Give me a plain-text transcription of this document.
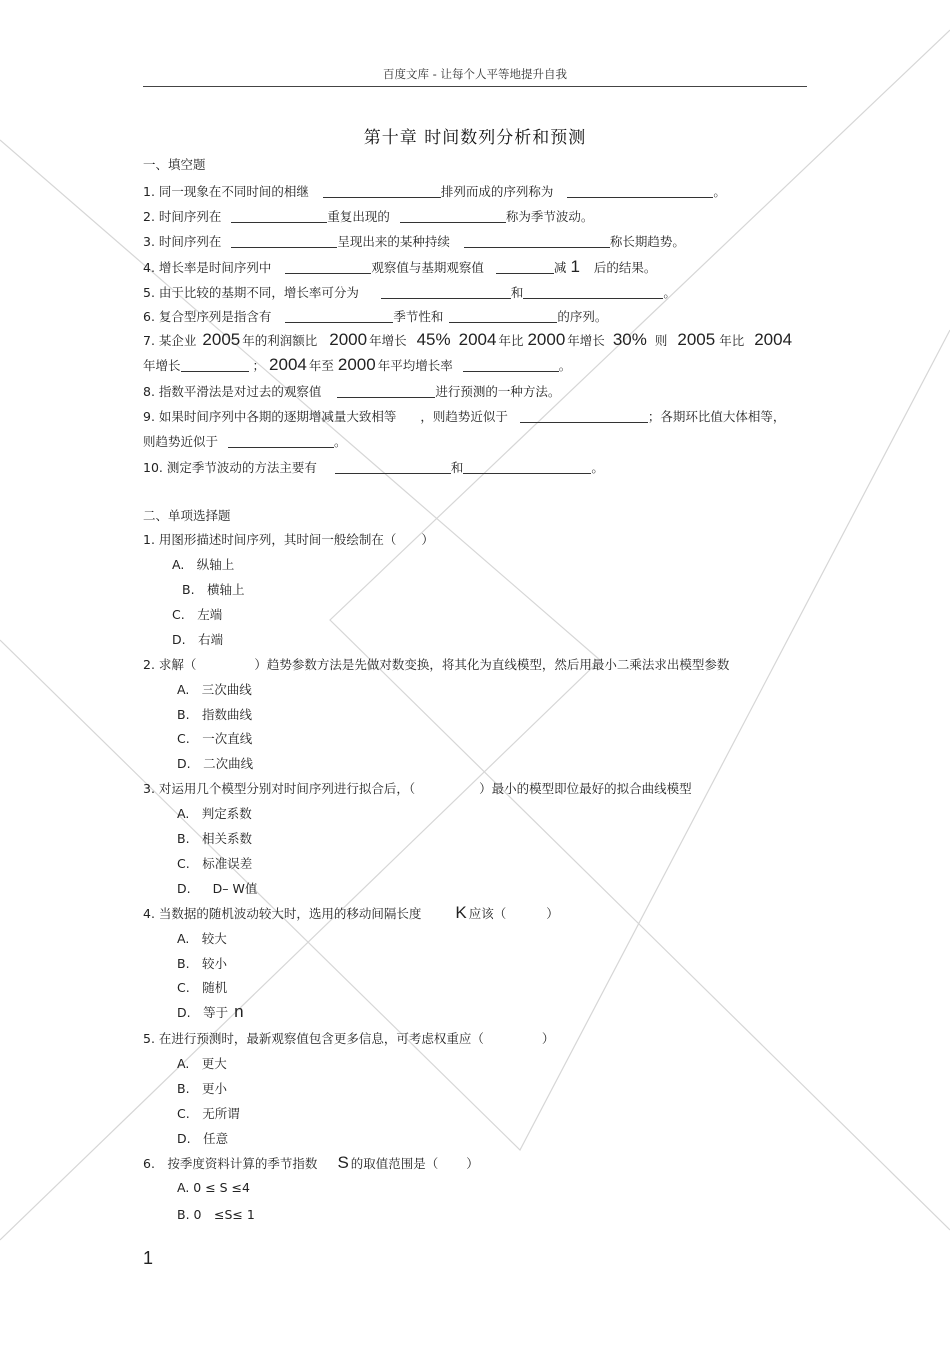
百度文库 - 让每个人平等地提升自我
第十章 时间数列分析和预测
一、填空题
1. 同一现象在不同时间的相继	排列而成的序列称为	。
2. 时间序列在	重复出现的	称为季节波动。
3. 时间序列在	呈现出来的某种持续	称长期趋势。
4. 增长率是时间序列中	观察值与基期观察值	减 1 后的结果。
5. 由于比较的基期不同，增长率可分为	和	。
6. 复合型序列是指含有	季节性和	的序列。
7. 某企业 2005 年的利润额比 2000 年增长 45% 2004 年比 2000 年增长 30% 则 2005 年比 2004
年增长	； 2004 年至 2000 年平均增长率	。
8. 指数平滑法是对过去的观察值	进行预测的一种方法。
9. 如果时间序列中各期的逐期增减量大致相等 ，则趋势近似于	；各期环比值大体相等，
则趋势近似于	。
10. 测定季节波动的方法主要有	和	。
二、单项选择题
1. 用图形描述时间序列，其时间一般绘制在（　　）
A.　纵轴上
B.　横轴上
C.　左端
D.　右端
2. 求解（	）趋势参数方法是先做对数变换，将其化为直线模型，然后用最小二乘法求出模型参数
A.　三次曲线
B.　指数曲线
C.　一次直线
D.　二次曲线
3. 对运用几个模型分别对时间序列进行拟合后，（	）最小的模型即位最好的拟合曲线模型
A.　判定系数
B.　相关系数
C.　标准误差
D. D– W值
4. 当数据的随机波动较大时，选用的移动间隔长度 K 应该（	）
A.　较大
B.　较小
C.　随机
D.　等于 n
5. 在进行预测时，最新观察值包含更多信息，可考虑权重应（	）
A.　更大
B.　更小
C.　无所谓
D.　任意
6.　按季度资料计算的季节指数 S 的取值范围是（ ）
A. 0 ≤ S ≤4
B. 0　≤S≤ 1
1
